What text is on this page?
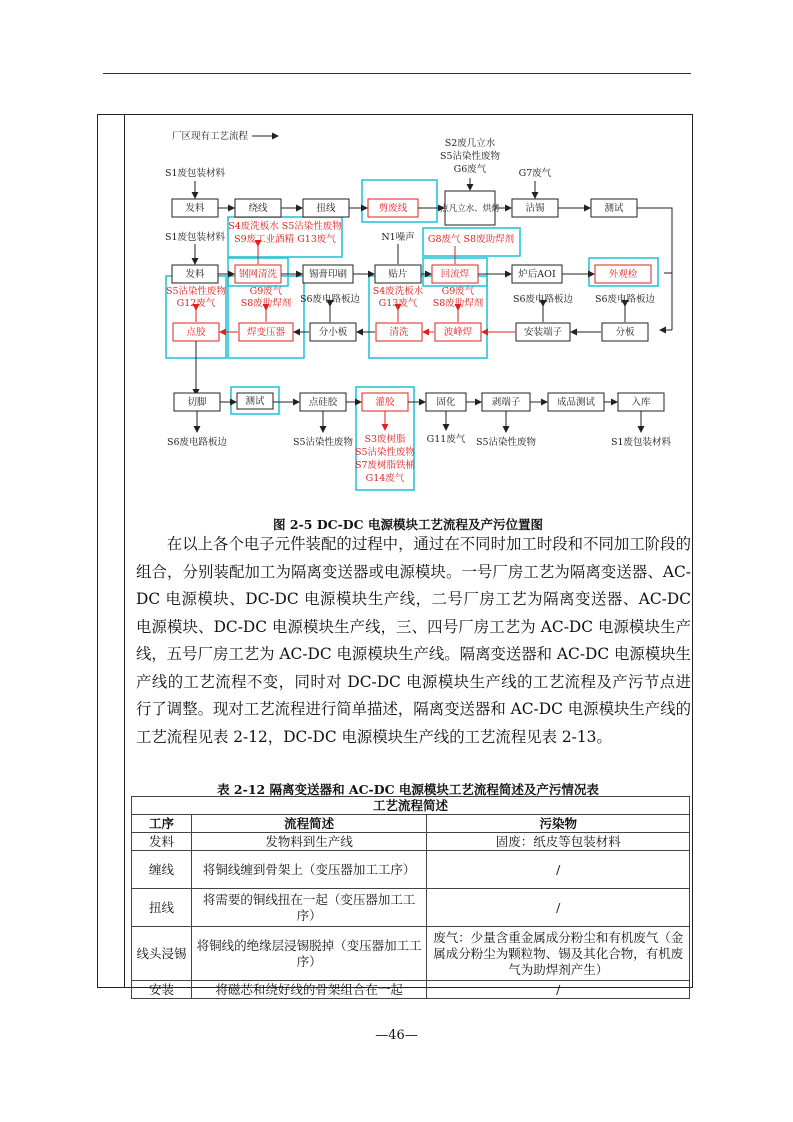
厂区现有工艺流程
发料	绕线	扭线	剪废线	点凡立水、烘烤	沾锡	测试
S1废包装材料
S2废几立水
S5沾染性废物
G6废气	G7废气
S4废洗板水 S5沾染性废物
S9废工业酒精 G13废气
S1废包装材料	N1噪声 G8废气 S8废助焊剂
发料	钢网清洗	锡膏印刷	贴片	回流焊	炉后AOI	外观检
S5沾染性废物
G12废气
G9废气
S8废助焊剂 S6废电路板边
S4废洗板水
G13废气
G9废气
S8废助焊剂	S6废电路板边 S6废电路板边
点胶	焊变压器	分小板	清洗	波峰焊	安装端子	分板
切脚	测试	点硅胶	灌胶	固化	剥端子	成品测试	入库
S6废电路板边	S5沾染性废物 S3废树脂
S5沾染性废物
S7废树脂铁桶
G14废气
G11废气 S5沾染性废物	S1废包装材料
图 2-5 DC-DC 电源模块工艺流程及产污位置图

在以上各个电子元件装配的过程中，通过在不同时加工时段和不同加工阶段的组合，分别装配加工为隔离变送器或电源模块。一号厂房工艺为隔离变送器、AC-DC 电源模块、DC-DC 电源模块生产线，二号厂房工艺为隔离变送器、AC-DC 电源模块、DC-DC 电源模块生产线，三、四号厂房工艺为 AC-DC 电源模块生产线，五号厂房工艺为 AC-DC 电源模块生产线。隔离变送器和 AC-DC 电源模块生产线的工艺流程不变，同时对 DC-DC 电源模块生产线的工艺流程及产污节点进行了调整。现对工艺流程进行简单描述，隔离变送器和 AC-DC 电源模块生产线的工艺流程见表 2-12，DC-DC 电源模块生产线的工艺流程见表 2-13。

表 2-12 隔离变送器和 AC-DC 电源模块工艺流程简述及产污情况表
工艺流程简述		
工序	流程简述	污染物
发料	发物料到生产线	固废：纸皮等包装材料
缠线	将铜线缠到骨架上（变压器加工工序）	/
扭线	将需要的铜线扭在一起（变压器加工工序）	/
线头浸锡	将铜线的绝缘层浸锡脱掉（变压器加工工序）	废气：少量含重金属成分粉尘和有机废气（金属成分粉尘为颗粒物、锡及其化合物，有机废气为助焊剂产生）
安装	将磁芯和绕好线的骨架组合在一起	/
—46—
